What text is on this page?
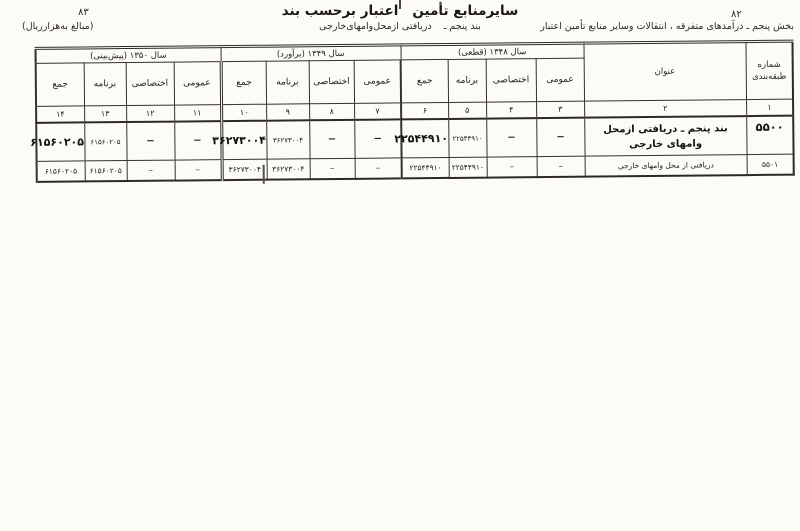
۸۳	۸۲
سایرمنابع تأمین
اعتبار برحسب بند
بند پنجم ـ
دریافتی ازمحل‌وامهای‌خارجی	بخش پنجم ـ درآمدهای متفرقه ، انتقالات وسایر منابع تأمین اعتبار
(مبالغ به‌هزارریال)
شماره
طبقه‌بندی	عنوان	سال ۱۳۴۸ (قطعی)				سال ۱۳۴۹ (برآورد)				سال ۱۳۵۰ (پیش‌بینی)			
		عمومی	اختصاصی	برنامه	جمع	عمومی	اختصاصی	برنامه	جمع	عمومی	اختصاصی	برنامه	جمع
۱	۲	۳	۴	۵	۶	۷	۸	۹	۱۰	۱۱	۱۲	۱۳	۱۴
۵۵۰۰	بند پنجم ـ دریافتی ازمحل
وامهای خارجی	−	−	۲۲۵۴۴۹۱۰	۲۲۵۴۴۹۱۰	−	−	۳۶۲۷۳۰۰۴	۳۶۲۷۳۰۰۴	−	−	۶۱۵۶۰۲۰۵	۶۱۵۶۰۲۰۵
۵۵۰۱	دریافتی از محل وامهای خارجی	–	–	۲۲۵۴۴۹۱۰	۲۲۵۴۴۹۱۰	–	–	۳۶۲۷۳۰۰۴	۳۶۲۷۳۰۰۴	–	–	۶۱۵۶۰۲۰۵	۶۱۵۶۰۲۰۵
